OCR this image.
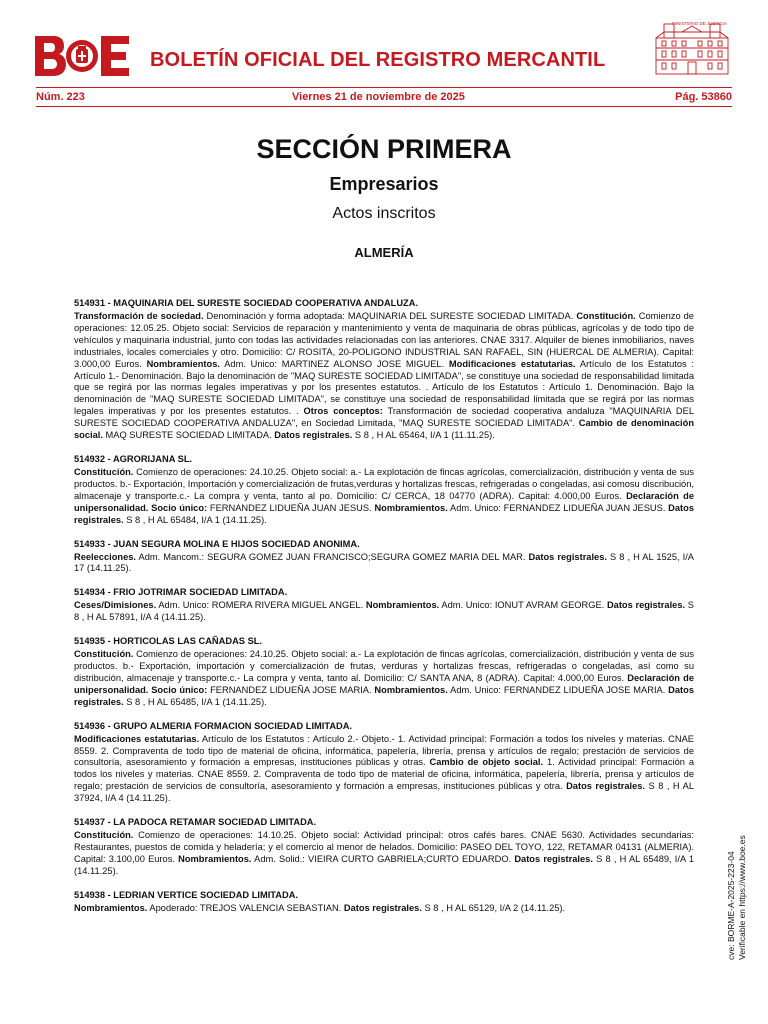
BOLETÍN OFICIAL DEL REGISTRO MERCANTIL
MINISTERIO DE JUSTICIA
Núm. 223	Viernes 21 de noviembre de 2025	Pág. 53860
SECCIÓN PRIMERA
Empresarios
Actos inscritos
ALMERÍA
514931 - MAQUINARIA DEL SURESTE SOCIEDAD COOPERATIVA ANDALUZA.
Transformación de sociedad. Denominación y forma adoptada: MAQUINARIA DEL SURESTE SOCIEDAD LIMITADA. Constitución. Comienzo de operaciones: 12.05.25. Objeto social: Servicios de reparación y mantenimiento y venta de maquinaria de obras públicas, agrícolas y de todo tipo de vehículos y maquinaria industrial, junto con todas las actividades relacionadas con las anteriores. CNAE 3317. Alquiler de bienes inmobiliarios, naves industriales, locales comerciales y otro. Domicilio: C/ ROSITA, 20-POLIGONO INDUSTRIAL SAN RAFAEL, SIN (HUERCAL DE ALMERIA). Capital: 3.000,00 Euros. Nombramientos. Adm. Unico: MARTINEZ ALONSO JOSE MIGUEL. Modificaciones estatutarias. Artículo de los Estatutos : Artículo 1.- Denominación. Bajo la denominación de "MAQ SURESTE SOCIEDAD LIMITADA", se constituye una sociedad de responsabilidad limitada que se regirá por las normas legales imperativas y por los presentes estatutos. . Artículo de los Estatutos : Artículo 1. Denominación. Bajo la denominación de "MAQ SURESTE SOCIEDAD LIMITADA", se constituye una sociedad de responsabilidad limitada que se regirá por las normas legales imperativas y por los presentes estatutos. . Otros conceptos: Transformación de sociedad cooperativa andaluza "MAQUINARIA DEL SURESTE SOCIEDAD COOPERATIVA ANDALUZA", en Sociedad Limitada, "MAQ SURESTE SOCIEDAD LIMITADA". Cambio de denominación social. MAQ SURESTE SOCIEDAD LIMITADA. Datos registrales. S 8 , H AL 65464, I/A 1 (11.11.25).
514932 - AGRORIJANA SL.
Constitución. Comienzo de operaciones: 24.10.25. Objeto social: a.- La explotación de fincas agrícolas, comercialización, distribución y venta de sus productos. b.- Exportación, Importación y comercialización de frutas,verduras y hortalizas frescas, refrigeradas o congeladas, asi comosu discribución, almacenaje y transporte.c.- La compra y venta, tanto al po. Domicilio: C/ CERCA, 18 04770 (ADRA). Capital: 4.000,00 Euros. Declaración de unipersonalidad. Socio único: FERNANDEZ LIDUEÑA JUAN JESUS. Nombramientos. Adm. Unico: FERNANDEZ LIDUEÑA JUAN JESUS. Datos registrales. S 8 , H AL 65484, I/A 1 (14.11.25).
514933 - JUAN SEGURA MOLINA E HIJOS SOCIEDAD ANONIMA.
Reelecciones. Adm. Mancom.: SEGURA GOMEZ JUAN FRANCISCO;SEGURA GOMEZ MARIA DEL MAR. Datos registrales. S 8 , H AL 1525, I/A 17 (14.11.25).
514934 - FRIO JOTRIMAR SOCIEDAD LIMITADA.
Ceses/Dimisiones. Adm. Unico: ROMERA RIVERA MIGUEL ANGEL. Nombramientos. Adm. Unico: IONUT AVRAM GEORGE. Datos registrales. S 8 , H AL 57891, I/A 4 (14.11.25).
514935 - HORTICOLAS LAS CAÑADAS SL.
Constitución. Comienzo de operaciones: 24.10.25. Objeto social: a.- La explotación de fincas agrícolas, comercialización, distribución y venta de sus productos. b.- Exportación, importación y comercialización de frutas, verduras y hortalizas frescas, refrigeradas o congeladas, así como su distribución, almacenaje y transporte.c.- La compra y venta, tanto al. Domicilio: C/ SANTA ANA, 8 (ADRA). Capital: 4.000,00 Euros. Declaración de unipersonalidad. Socio único: FERNANDEZ LIDUEÑA JOSE MARIA. Nombramientos. Adm. Unico: FERNANDEZ LIDUEÑA JOSE MARIA. Datos registrales. S 8 , H AL 65485, I/A 1 (14.11.25).
514936 - GRUPO ALMERIA FORMACION SOCIEDAD LIMITADA.
Modificaciones estatutarias. Artículo de los Estatutos : Artículo 2.- Objeto.- 1. Actividad principal: Formación a todos los niveles y materias. CNAE 8559. 2. Compraventa de todo tipo de material de oficina, informática, papelería, librería, prensa y artículos de regalo; prestación de servicios de consultoría, asesoramiento y formación a empresas, instituciones públicas y otras. Cambio de objeto social. 1. Actividad principal: Formación a todos los niveles y materias. CNAE 8559. 2. Compraventa de todo tipo de material de oficina, informática, papelería, librería, prensa y artículos de regalo; prestación de servicios de consultoría, asesoramiento y formación a empresas, instituciones públicas y otra. Datos registrales. S 8 , H AL 37924, I/A 4 (14.11.25).
514937 - LA PADOCA RETAMAR SOCIEDAD LIMITADA.
Constitución. Comienzo de operaciones: 14.10.25. Objeto social: Actividad principal: otros cafés bares. CNAE 5630. Actividades secundarias: Restaurantes, puestos de comida y heladería; y el comercio al menor de helados. Domicilio: PASEO DEL TOYO, 122, RETAMAR 04131 (ALMERIA). Capital: 3.100,00 Euros. Nombramientos. Adm. Solid.: VIEIRA CURTO GABRIELA;CURTO EDUARDO. Datos registrales. S 8 , H AL 65489, I/A 1 (14.11.25).
514938 - LEDRIAN VERTICE SOCIEDAD LIMITADA.
Nombramientos. Apoderado: TREJOS VALENCIA SEBASTIAN. Datos registrales. S 8 , H AL 65129, I/A 2 (14.11.25).	cve: BORME-A-2025-223-04 Verificable en https://www.boe.es
